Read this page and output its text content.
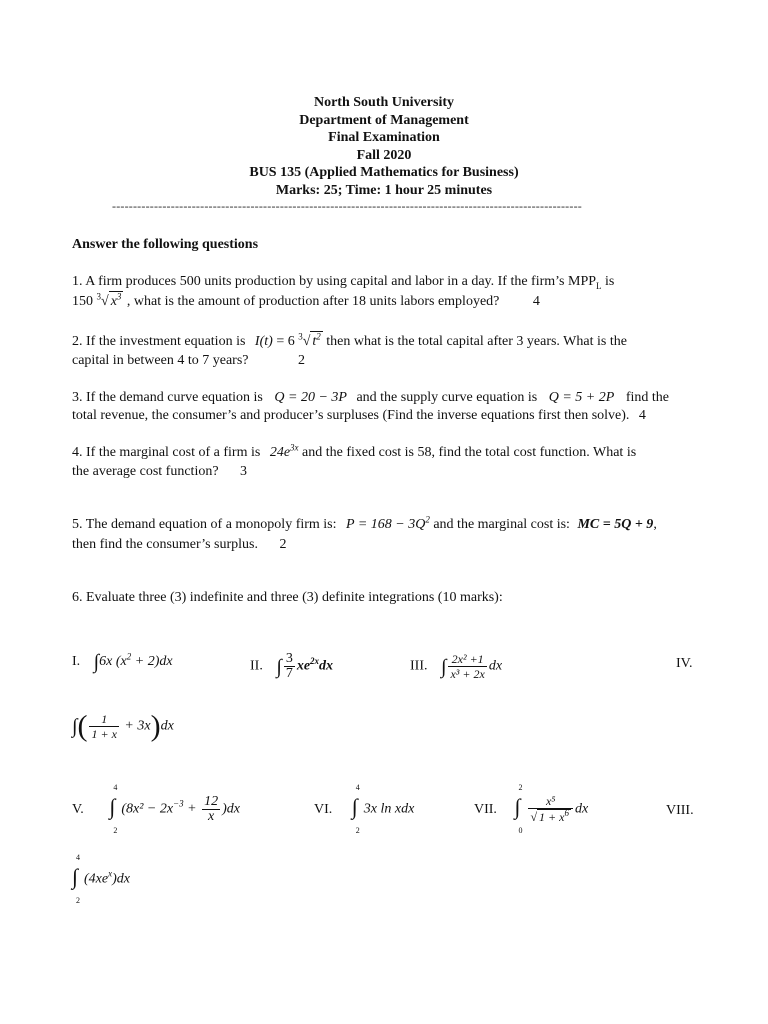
North South University
Department of Management
Final Examination
Fall 2020
BUS 135 (Applied Mathematics for Business)
Marks: 25; Time: 1 hour 25 minutes
----------------------------------------------------------------------------------------------------------------
Answer the following questions
1. A firm produces 500 units production by using capital and labor in a day. If the firm’s $MPP_L$ is
150 $^3$√ $x^3$ , what is the amount of production after 18 units labors employed? 4
2. If the investment equation is I(t) = 6 $^3$√ $t^2$ then what is the total capital after 3 years. What is the
capital in between 4 to 7 years?	2
3. If the demand curve equation is Q = 20 − 3P and the supply curve equation is Q = 5 + 2P find the
total revenue, the consumer’s and producer’s surpluses (Find the inverse equations first then solve). 4
4. If the marginal cost of a firm is $24e^{3x}$ and the fixed cost is 58, find the total cost function. What is
the average cost function? 3
5. The demand equation of a monopoly firm is: $P = 168 - 3Q^2$ and the marginal cost is: MC = 5Q + 9,
then find the consumer’s surplus. 2
6. Evaluate three (3) indefinite and three (3) definite integrations (10 marks):
I. ∫6x $(x^2 + 2)dx$	II. ∫ $\frac{3}{7} xe^{2x}dx$	III. ∫ $\frac{\text{2x² +1}}{\text{x³ + 2x}}$ dx	IV.
∫( $\frac{1}{1 + x} + 3x)dx$
V.
4
∫
2
$(8x^2 - 2x^{-3} + \frac{12}{x} )dx$	VI.
4
∫
2
3x ln xdx	VII.
2
∫
0
$\frac{\text{x⁵}}{√ 1 + x^6}$ dx	VIII.
4
∫
2
$(4xe^x)dx$
